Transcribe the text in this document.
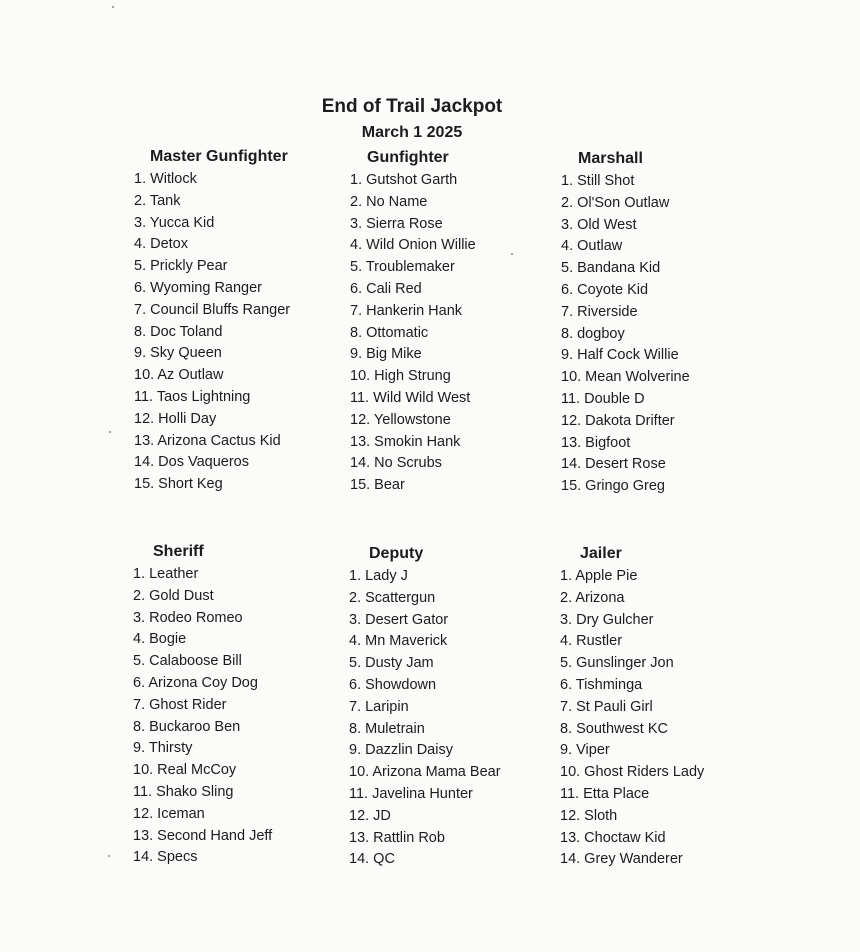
End of Trail Jackpot
March 1 2025
Master Gunfighter
1. Witlock
2. Tank
3. Yucca Kid
4. Detox
5. Prickly Pear
6. Wyoming Ranger
7. Council Bluffs Ranger
8. Doc Toland
9. Sky Queen
10. Az Outlaw
11. Taos Lightning
12. Holli Day
13. Arizona Cactus Kid
14. Dos Vaqueros
15. Short Keg
Gunfighter
1. Gutshot Garth
2. No Name
3. Sierra Rose
4. Wild Onion Willie
5. Troublemaker
6. Cali Red
7. Hankerin Hank
8. Ottomatic
9. Big Mike
10. High Strung
11. Wild Wild West
12. Yellowstone
13. Smokin Hank
14. No Scrubs
15. Bear
Marshall
1. Still Shot
2. Ol'Son Outlaw
3. Old West
4. Outlaw
5. Bandana Kid
6. Coyote Kid
7. Riverside
8. dogboy
9. Half Cock Willie
10. Mean Wolverine
11. Double D
12. Dakota Drifter
13. Bigfoot
14. Desert Rose
15. Gringo Greg
Sheriff
1. Leather
2. Gold Dust
3. Rodeo Romeo
4. Bogie
5. Calaboose Bill
6. Arizona Coy Dog
7. Ghost Rider
8. Buckaroo Ben
9. Thirsty
10. Real McCoy
11. Shako Sling
12. Iceman
13. Second Hand Jeff
14. Specs
Deputy
1. Lady J
2. Scattergun
3. Desert Gator
4. Mn Maverick
5. Dusty Jam
6. Showdown
7. Laripin
8. Muletrain
9. Dazzlin Daisy
10. Arizona Mama Bear
11. Javelina Hunter
12. JD
13. Rattlin Rob
14. QC
Jailer
1. Apple Pie
2. Arizona
3. Dry Gulcher
4. Rustler
5. Gunslinger Jon
6. Tishminga
7. St Pauli Girl
8. Southwest KC
9. Viper
10. Ghost Riders Lady
11. Etta Place
12. Sloth
13. Choctaw Kid
14. Grey Wanderer
